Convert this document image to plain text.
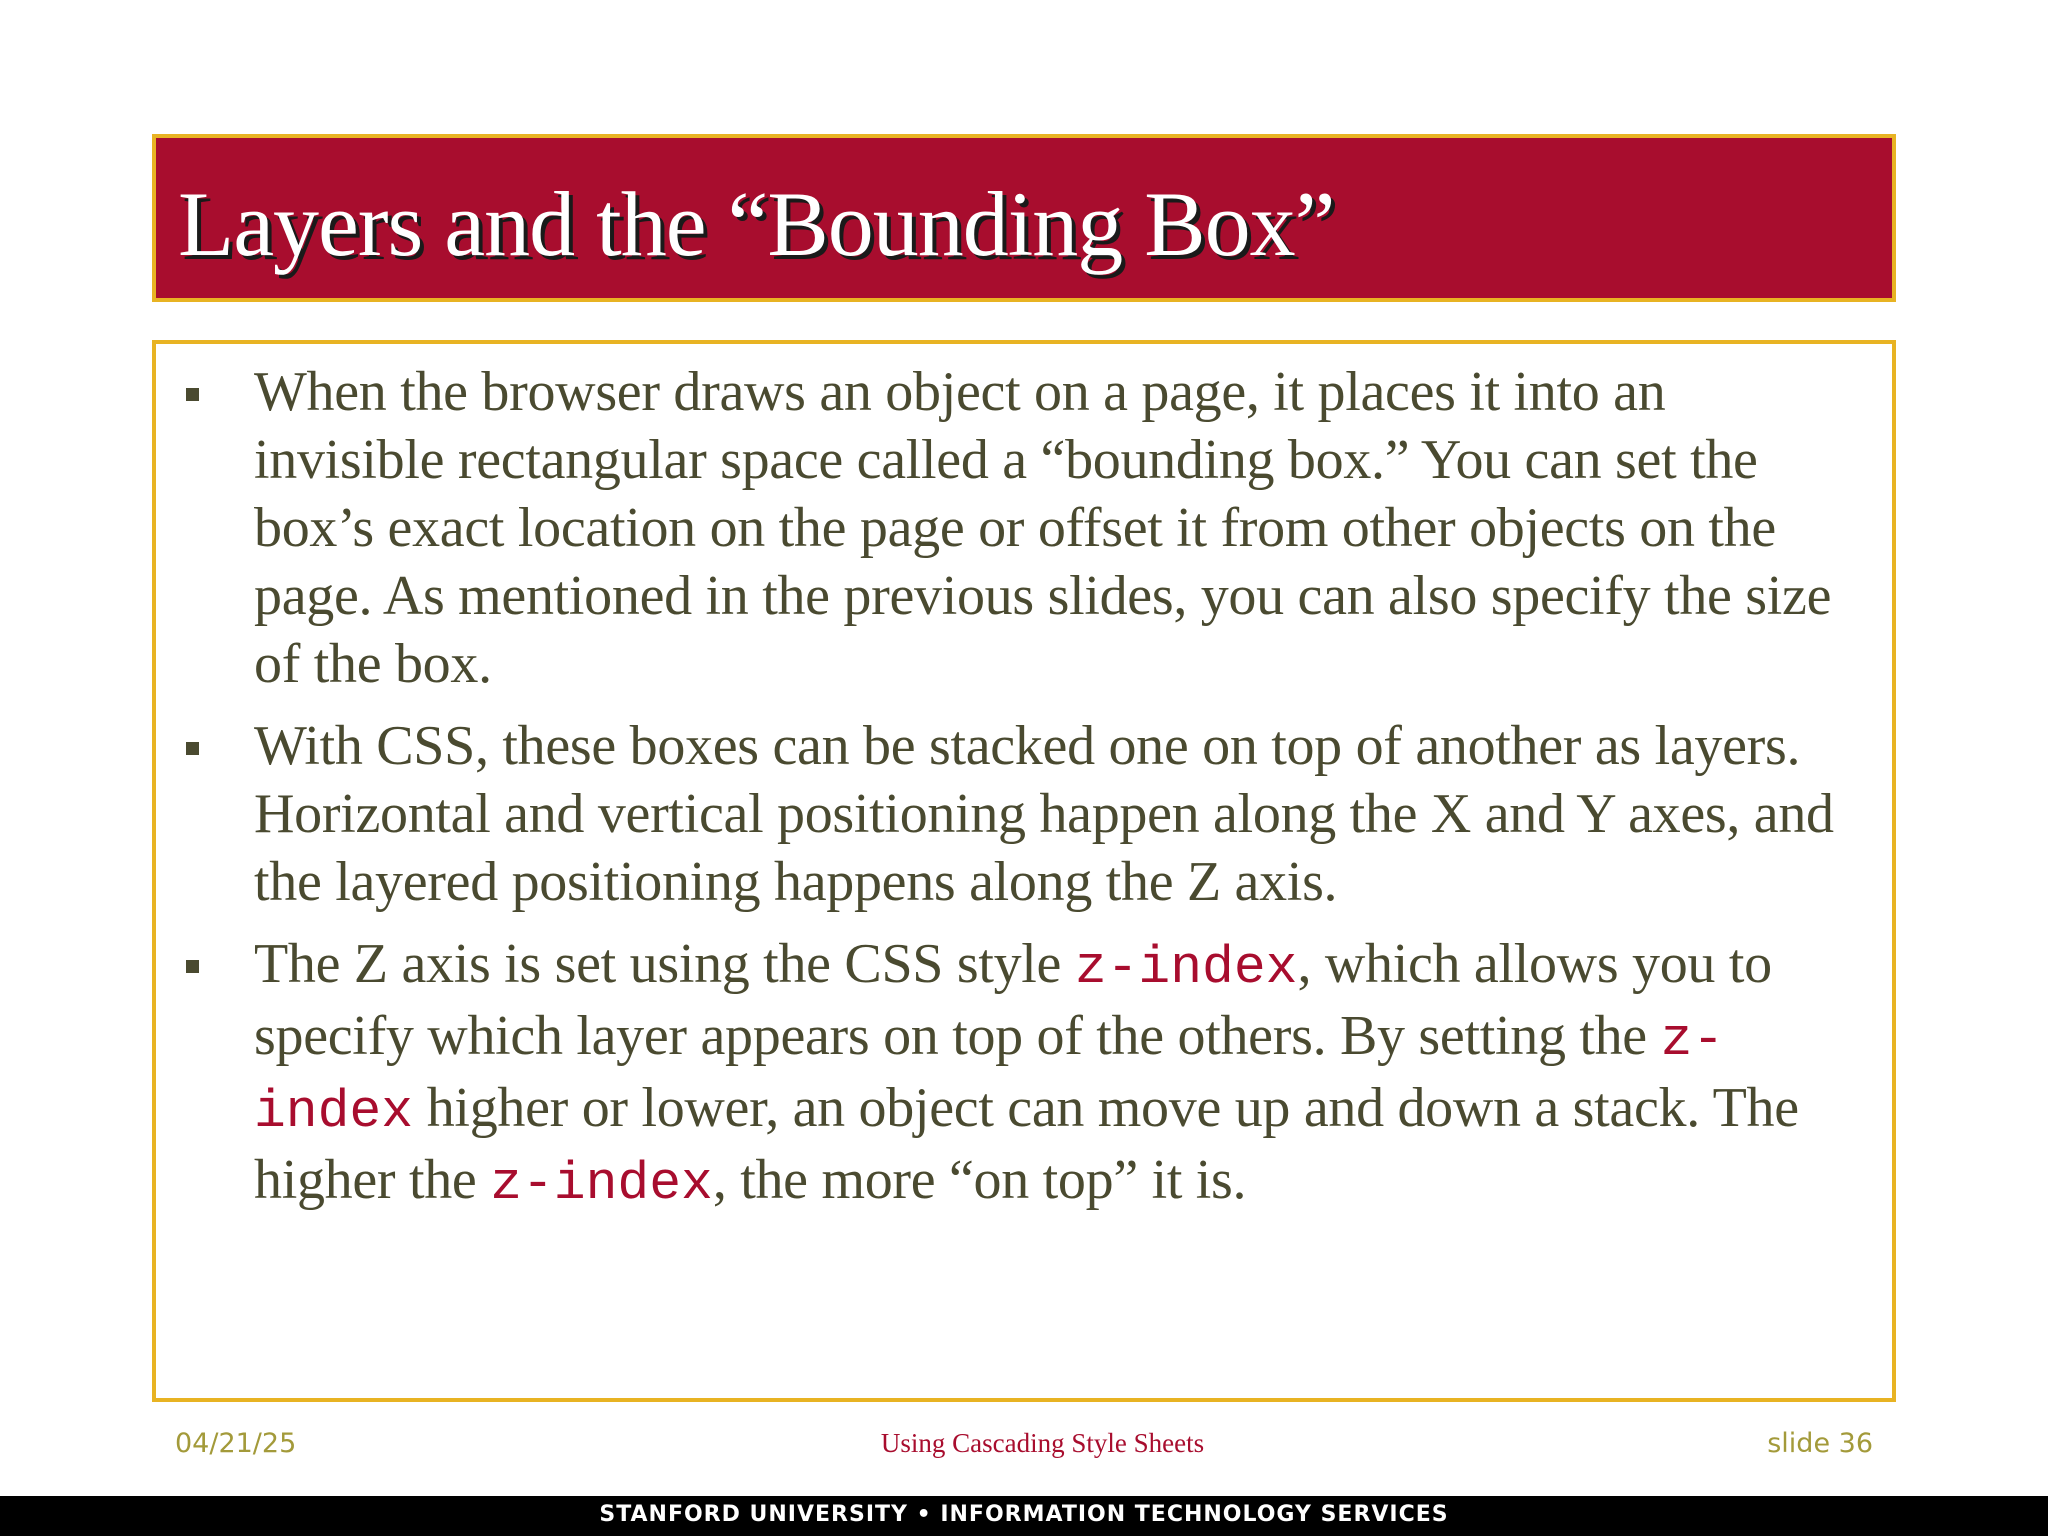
Layers and the “Bounding Box”
When the browser draws an object on a page, it places it into an invisible rectangular space called a “bounding box.” You can set the box’s exact location on the page or offset it from other objects on the page. As mentioned in the previous slides, you can also specify the size of the box.
With CSS, these boxes can be stacked one on top of another as layers. Horizontal and vertical positioning happen along the X and Y axes, and the layered positioning happens along the Z axis.
The Z axis is set using the CSS style z-index, which allows you to specify which layer appears on top of the others. By setting the z-index higher or lower, an object can move up and down a stack. The higher the z-index, the more “on top” it is.
04/21/25	Using Cascading Style Sheets	slide 36
STANFORD UNIVERSITY • INFORMATION TECHNOLOGY SERVICES
